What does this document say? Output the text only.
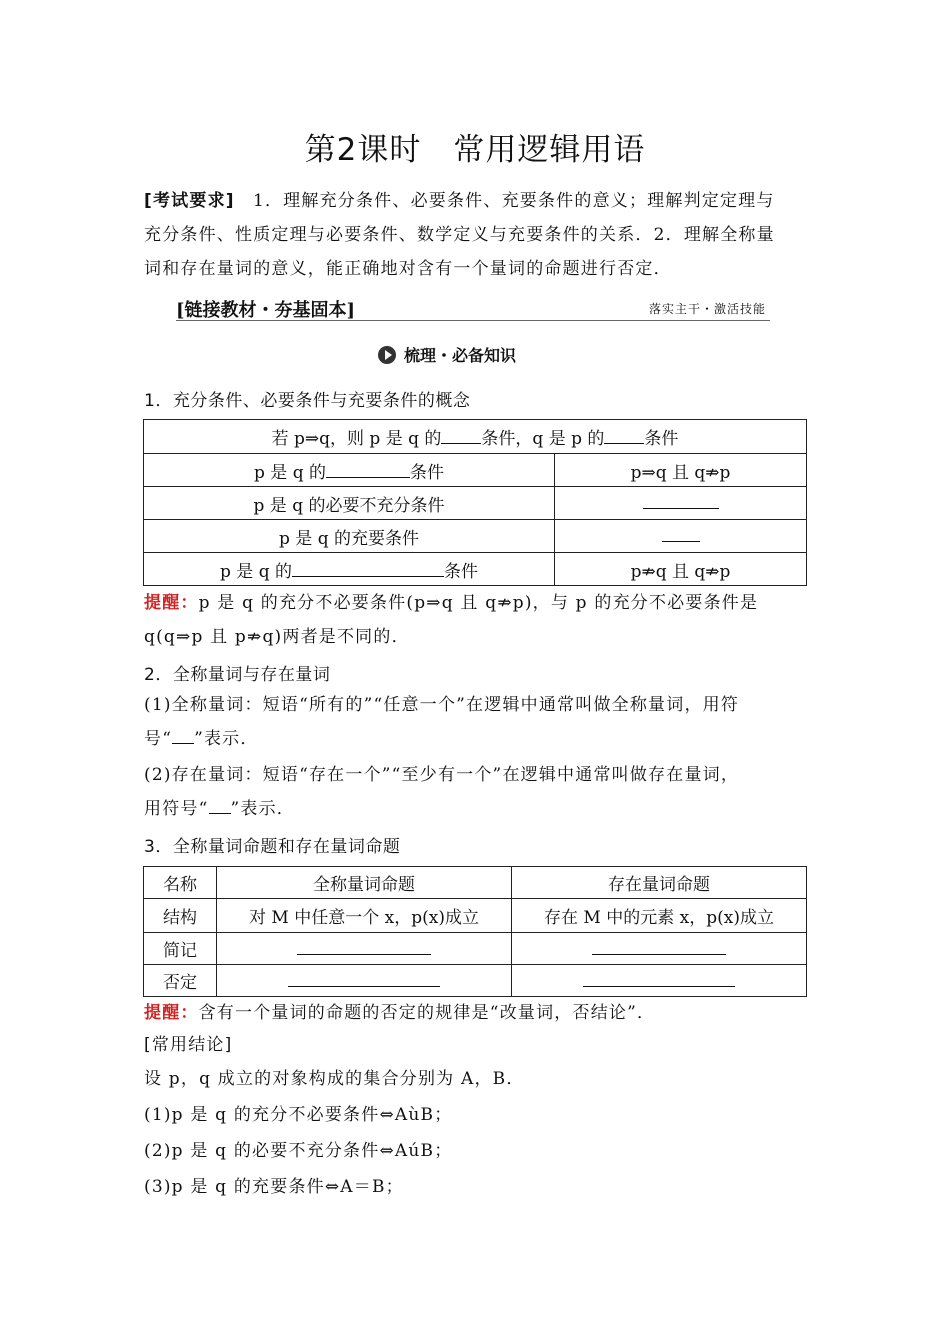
第2课时　常用逻辑用语
[考试要求]　1．理解充分条件、必要条件、充要条件的意义；理解判定定理与
充分条件、性质定理与必要条件、数学定义与充要条件的关系．2．理解全称量
词和存在量词的意义，能正确地对含有一个量词的命题进行否定．
[链接教材・夯基固本]	落实主干・激活技能
梳理・必备知识
1．充分条件、必要条件与充要条件的概念
若 p⇒q，则 p 是 q 的 条件，q 是 p 的 条件	
p 是 q 的 条件	p⇒q 且 q⇏p
p 是 q 的必要不充分条件	
p 是 q 的充要条件	
p 是 q 的 条件	p⇏q 且 q⇏p
提醒：p 是 q 的充分不必要条件(p⇒q 且 q⇏p)，与 p 的充分不必要条件是
q(q⇒p 且 p⇏q)两者是不同的．
2．全称量词与存在量词
(1)全称量词：短语“所有的”“任意一个”在逻辑中通常叫做全称量词，用符
号“ ”表示．
(2)存在量词：短语“存在一个”“至少有一个”在逻辑中通常叫做存在量词，
用符号“ ”表示．
3．全称量词命题和存在量词命题
名称	全称量词命题	存在量词命题
结构	对 M 中任意一个 x，p(x)成立	存在 M 中的元素 x，p(x)成立
简记		
否定		
提醒：含有一个量词的命题的否定的规律是“改量词，否结论”．
[常用结论]
设 p，q 成立的对象构成的集合分别为 A，B．
(1)p 是 q 的充分不必要条件⇔AùB；
(2)p 是 q 的必要不充分条件⇔AúB；
(3)p 是 q 的充要条件⇔A＝B；
